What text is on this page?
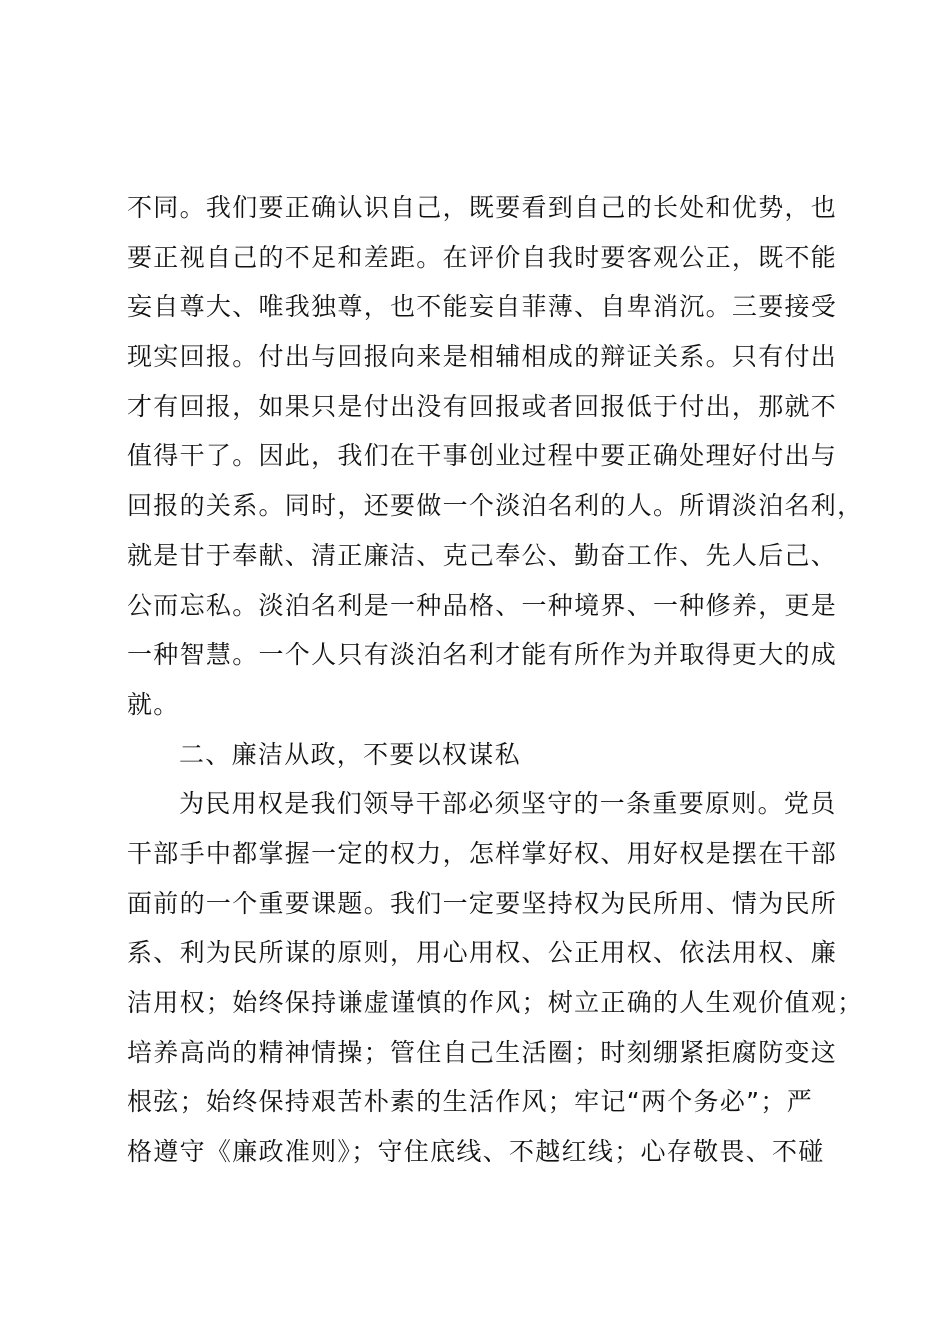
不同。我们要正确认识自己，既要看到自己的长处和优势，也
要正视自己的不足和差距。在评价自我时要客观公正，既不能
妄自尊大、唯我独尊，也不能妄自菲薄、自卑消沉。三要接受
现实回报。付出与回报向来是相辅相成的辩证关系。只有付出
才有回报，如果只是付出没有回报或者回报低于付出，那就不
值得干了。因此，我们在干事创业过程中要正确处理好付出与
回报的关系。同时，还要做一个淡泊名利的人。所谓淡泊名利，
就是甘于奉献、清正廉洁、克己奉公、勤奋工作、先人后己、
公而忘私。淡泊名利是一种品格、一种境界、一种修养，更是
一种智慧。一个人只有淡泊名利才能有所作为并取得更大的成
就。
二、廉洁从政，不要以权谋私
为民用权是我们领导干部必须坚守的一条重要原则。党员
干部手中都掌握一定的权力，怎样掌好权、用好权是摆在干部
面前的一个重要课题。我们一定要坚持权为民所用、情为民所
系、利为民所谋的原则，用心用权、公正用权、依法用权、廉
洁用权；始终保持谦虚谨慎的作风；树立正确的人生观价值观；
培养高尚的精神情操；管住自己生活圈；时刻绷紧拒腐防变这
根弦；始终保持艰苦朴素的生活作风；牢记“两个务必”；严
格遵守《廉政准则》；守住底线、不越红线；心存敬畏、不碰
